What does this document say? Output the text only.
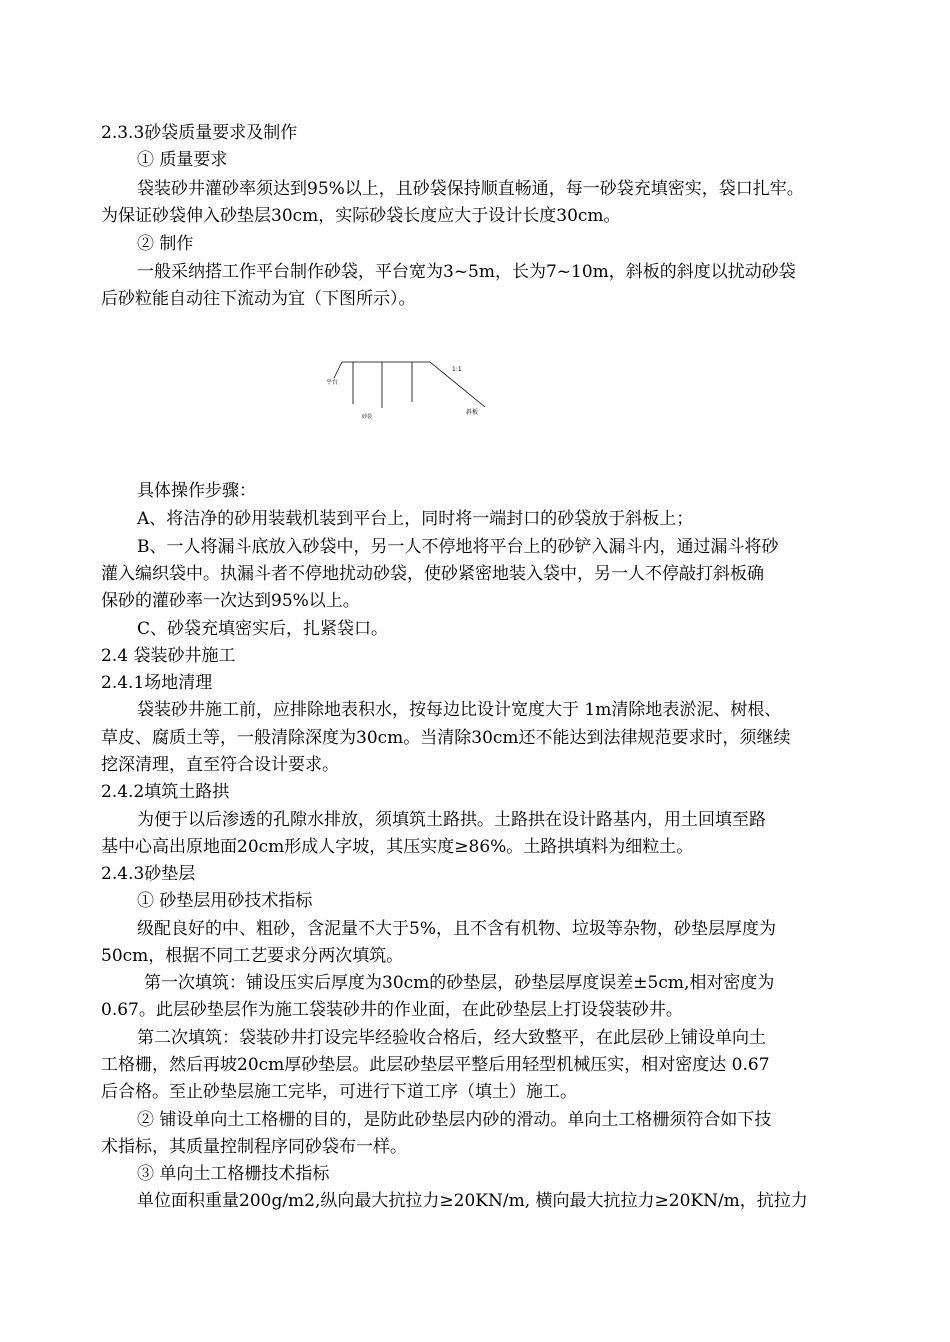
2.3.3砂袋质量要求及制作
① 质量要求
袋装砂井灌砂率须达到95%以上，且砂袋保持顺直畅通，每一砂袋充填密实，袋口扎牢。
为保证砂袋伸入砂垫层30cm，实际砂袋长度应大于设计长度30cm。
② 制作
一般采纳搭工作平台制作砂袋，平台宽为3~5m，长为7~10m，斜板的斜度以扰动砂袋
后砂粒能自动往下流动为宜（下图所示）。
1:1
平台
砂袋
斜板
具体操作步骤：
A、将洁净的砂用装载机装到平台上，同时将一端封口的砂袋放于斜板上；
B、一人将漏斗底放入砂袋中，另一人不停地将平台上的砂铲入漏斗内，通过漏斗将砂
灌入编织袋中。执漏斗者不停地扰动砂袋，使砂紧密地装入袋中，另一人不停敲打斜板确
保砂的灌砂率一次达到95%以上。
C、砂袋充填密实后，扎紧袋口。
2.4 袋装砂井施工
2.4.1场地清理
袋装砂井施工前，应排除地表积水，按每边比设计宽度大于 1m清除地表淤泥、树根、
草皮、腐质土等，一般清除深度为30cm。当清除30cm还不能达到法律规范要求时，须继续
挖深清理，直至符合设计要求。
2.4.2填筑土路拱
为便于以后渗透的孔隙水排放，须填筑土路拱。土路拱在设计路基内，用土回填至路
基中心高出原地面20cm形成人字坡，其压实度≥86%。土路拱填料为细粒土。
2.4.3砂垫层
① 砂垫层用砂技术指标
级配良好的中、粗砂，含泥量不大于5%，且不含有机物、垃圾等杂物，砂垫层厚度为
50cm，根据不同工艺要求分两次填筑。
第一次填筑：铺设压实后厚度为30cm的砂垫层，砂垫层厚度误差±5cm,相对密度为
0.67。此层砂垫层作为施工袋装砂井的作业面，在此砂垫层上打设袋装砂井。
第二次填筑：袋装砂井打设完毕经验收合格后，经大致整平，在此层砂上铺设单向土
工格栅，然后再坡20cm厚砂垫层。此层砂垫层平整后用轻型机械压实，相对密度达 0.67
后合格。至止砂垫层施工完毕，可进行下道工序（填土）施工。
② 铺设单向土工格栅的目的，是防此砂垫层内砂的滑动。单向土工格栅须符合如下技
术指标，其质量控制程序同砂袋布一样。
③ 单向土工格栅技术指标
单位面积重量200g/m2,纵向最大抗拉力≥20KN/m, 横向最大抗拉力≥20KN/m，抗拉力
